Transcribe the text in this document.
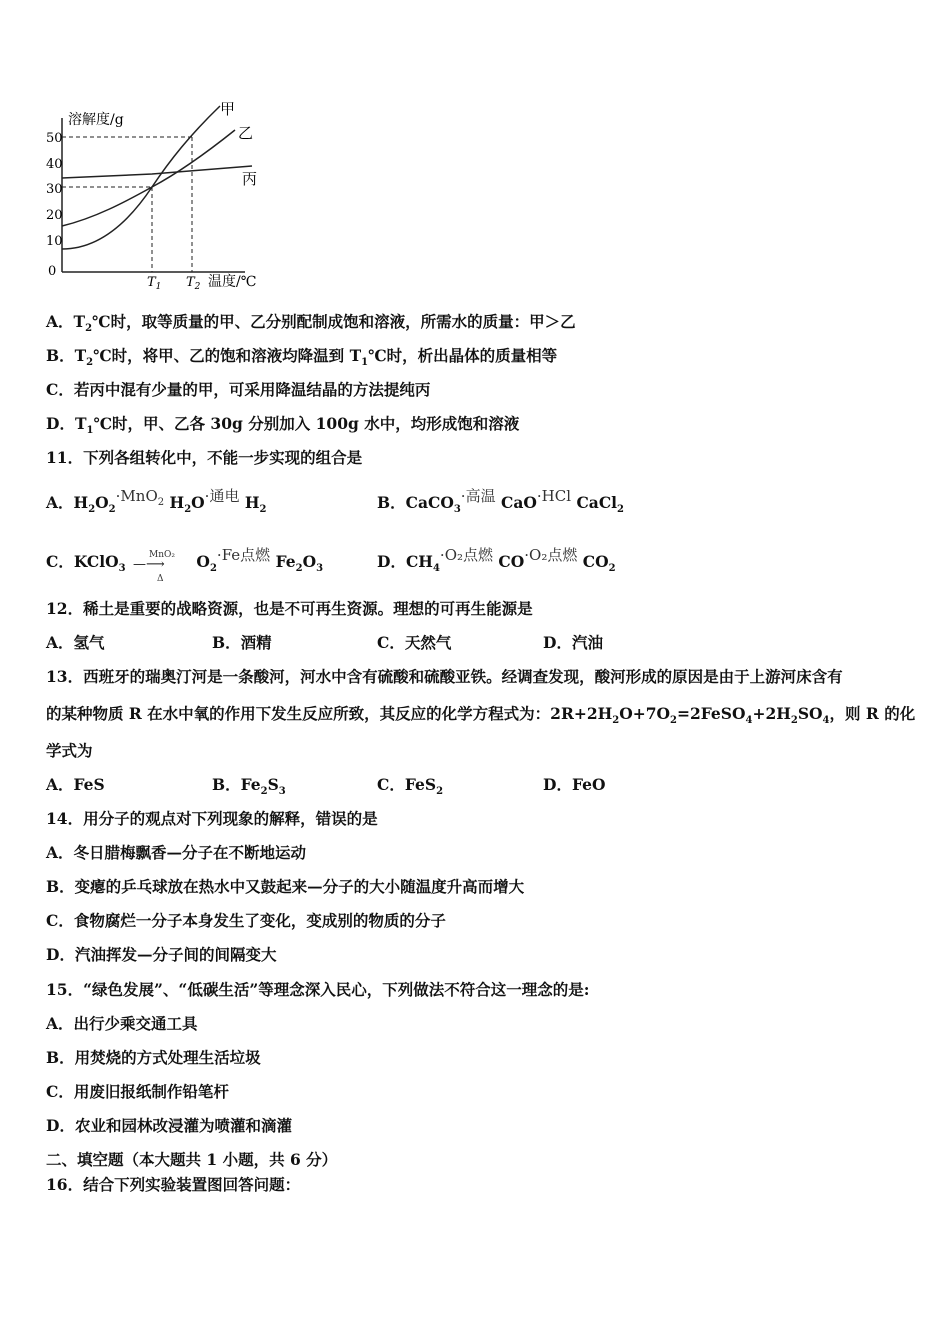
溶解度/g
温度/℃
50
40
30
20
10
0
$T_1$ $T_2$
甲
乙
丙
A．$T_2℃$时，取等质量的甲、乙分别配制成饱和溶液，所需水的质量：甲＞乙
B．$T_2℃$时，将甲、乙的饱和溶液均降温到 $T_1℃$时，析出晶体的质量相等
C．若丙中混有少量的甲，可采用降温结晶的方法提纯丙
D．$T_1℃$时，甲、乙各 30g 分别加入 100g 水中，均形成饱和溶液
11．下列各组转化中，不能一步实现的组合是
A．$H_2O_2\cdot MnO_2$ $H_2O\cdot$通电 $H_2$	B．CaCO$_3$·高温 CaO·HCl CaCl$_2$
C．KClO$_3$
MnO₂
—⟶
Δ
$O_2\cdot Fe$点燃 $Fe_2O_3$	D．$CH_4\cdot O_2$点燃 CO·O₂点燃 $CO_2$
12．稀土是重要的战略资源，也是不可再生资源。理想的可再生能源是
A．氢气	B．酒精	C．天然气	D．汽油
13．西班牙的瑞奥汀河是一条酸河，河水中含有硫酸和硫酸亚铁。经调查发现，酸河形成的原因是由于上游河床含有
的某种物质 R 在水中氧的作用下发生反应所致，其反应的化学方程式为：$2R+2H_2O+7O_2=2FeSO_4+2H_2SO_4$，则 R 的化
学式为
A．FeS	B．$Fe_2S_3$	C．FeS$_2$	D．FeO
14．用分子的观点对下列现象的解释，错误的是
A．冬日腊梅飘香—分子在不断地运动
B．变瘪的乒乓球放在热水中又鼓起来—分子的大小随温度升高而增大
C．食物腐烂一分子本身发生了变化，变成别的物质的分子
D．汽油挥发—分子间的间隔变大
15．“绿色发展”、“低碳生活”等理念深入民心，下列做法不符合这一理念的是:
A．出行少乘交通工具
B．用焚烧的方式处理生活垃圾
C．用废旧报纸制作铅笔杆
D．农业和园林改浸灌为喷灌和滴灌
二、填空题（本大题共 1 小题，共 6 分）
16．结合下列实验装置图回答问题：
